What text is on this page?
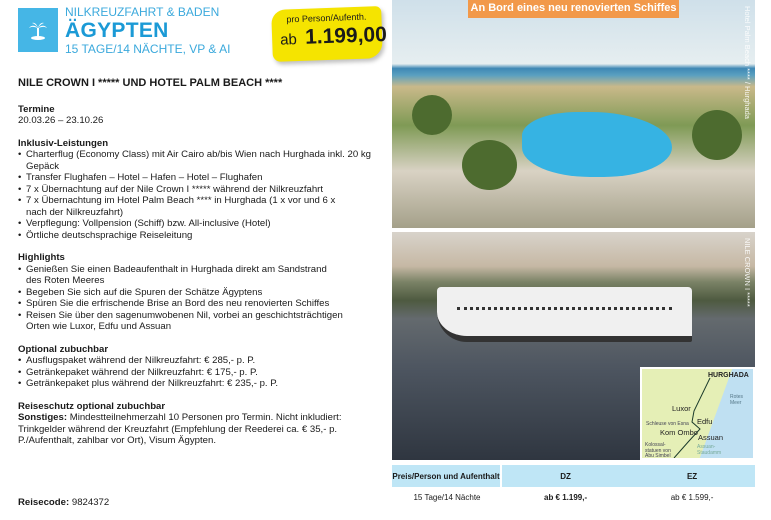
NILKREUZFAHRT & BADEN
ÄGYPTEN
15 TAGE/14 NÄCHTE, VP & AI
pro Person/Aufenth.
ab 1.199,00
NILE CROWN I ***** UND HOTEL PALM BEACH ****
Termine
20.03.26 – 23.10.26
Inklusiv-Leistungen
• Charterflug (Economy Class) mit Air Cairo ab/bis Wien nach Hurghada inkl. 20 kg Gepäck
• Transfer Flughafen – Hotel – Hafen – Hotel – Flughafen
• 7 x Übernachtung auf der Nile Crown I ***** während der Nilkreuzfahrt
• 7 x Übernachtung im Hotel Palm Beach **** in Hurghada (1 x vor und 6 x nach der Nilkreuzfahrt)
• Verpflegung: Vollpension (Schiff) bzw. All-inclusive (Hotel)
• Örtliche deutschsprachige Reiseleitung
Highlights
• Genießen Sie einen Badeaufenthalt in Hurghada direkt am Sandstrand des Roten Meeres
• Begeben Sie sich auf die Spuren der Schätze Ägyptens
• Spüren Sie die erfrischende Brise an Bord des neu renovierten Schiffes
• Reisen Sie über den sagenumwobenen Nil, vorbei an geschichtsträchtigen Orten wie Luxor, Edfu und Assuan
Optional zubuchbar
• Ausflugspaket während der Nilkreuzfahrt: € 285,- p. P.
• Getränkepaket während der Nilkreuzfahrt: € 175,- p. P.
• Getränkepaket plus während der Nilkreuzfahrt: € 235,- p. P.
Reiseschutz optional zubuchbar
Sonstiges: Mindestteilnehmerzahl 10 Personen pro Termin. Nicht inkludiert: Trinkgelder während der Kreuzfahrt (Empfehlung der Reederei ca. € 35,- p. P./Aufenthalt, zahlbar vor Ort), Visum Ägypten.
Reisecode: 9824372
Hotel Palm Beach **** / Hurghada
An Bord eines neu renovierten Schiffes
NILE CROWN I *****
HURGHADA
Luxor
Schleuse von Esna Edfu
Kom Ombo
Assuan
Kolossal-statuen von Abu Simbel
Rotes Meer
Assuan-Staudamm
Preis/Person und Aufenthalt	DZ	EZ
15 Tage/14 Nächte	ab € 1.199,-	ab € 1.599,-
